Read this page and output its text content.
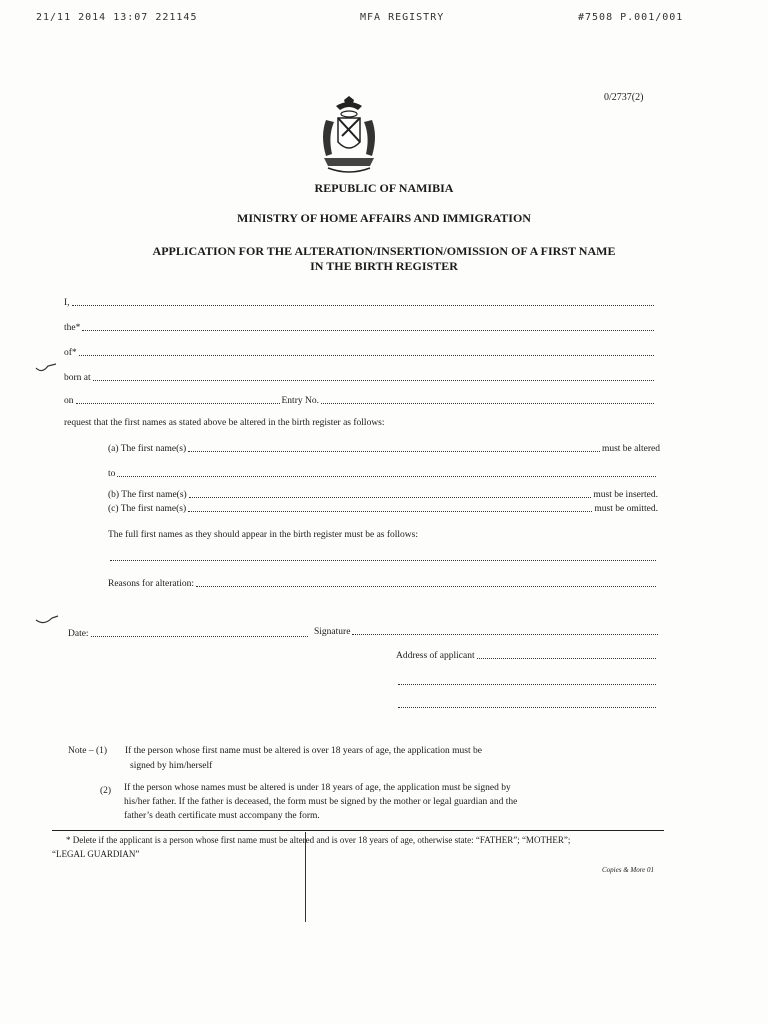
21/11 2014 13:07 221145	MFA REGISTRY	#7508 P.001/001
0/2737(2)
REPUBLIC OF NAMIBIA
MINISTRY OF HOME AFFAIRS AND IMMIGRATION
APPLICATION FOR THE ALTERATION/INSERTION/OMISSION OF A FIRST NAME
IN THE BIRTH REGISTER
I,
the*
of*
born at
on	Entry No.
request that the first names as stated above be altered in the birth register as follows:
(a) The first name(s)	must be altered
to
(b) The first name(s)	must be inserted.
(c) The first name(s)	must be omitted.
The full first names as they should appear in the birth register must be as follows:
Reasons for alteration:
Date:	Signature
Address of applicant
Note – (1) If the person whose first name must be altered is over 18 years of age, the application must be
signed by him/herself
(2) If the person whose names must be altered is under 18 years of age, the application must be signed by
his/her father. If the father is deceased, the form must be signed by the mother or legal guardian and the
father’s death certificate must accompany the form.
* Delete if the applicant is a person whose first name must be altered and is over 18 years of age, otherwise state: “FATHER”; “MOTHER”;
“LEGAL GUARDIAN”
Copies & More 01
